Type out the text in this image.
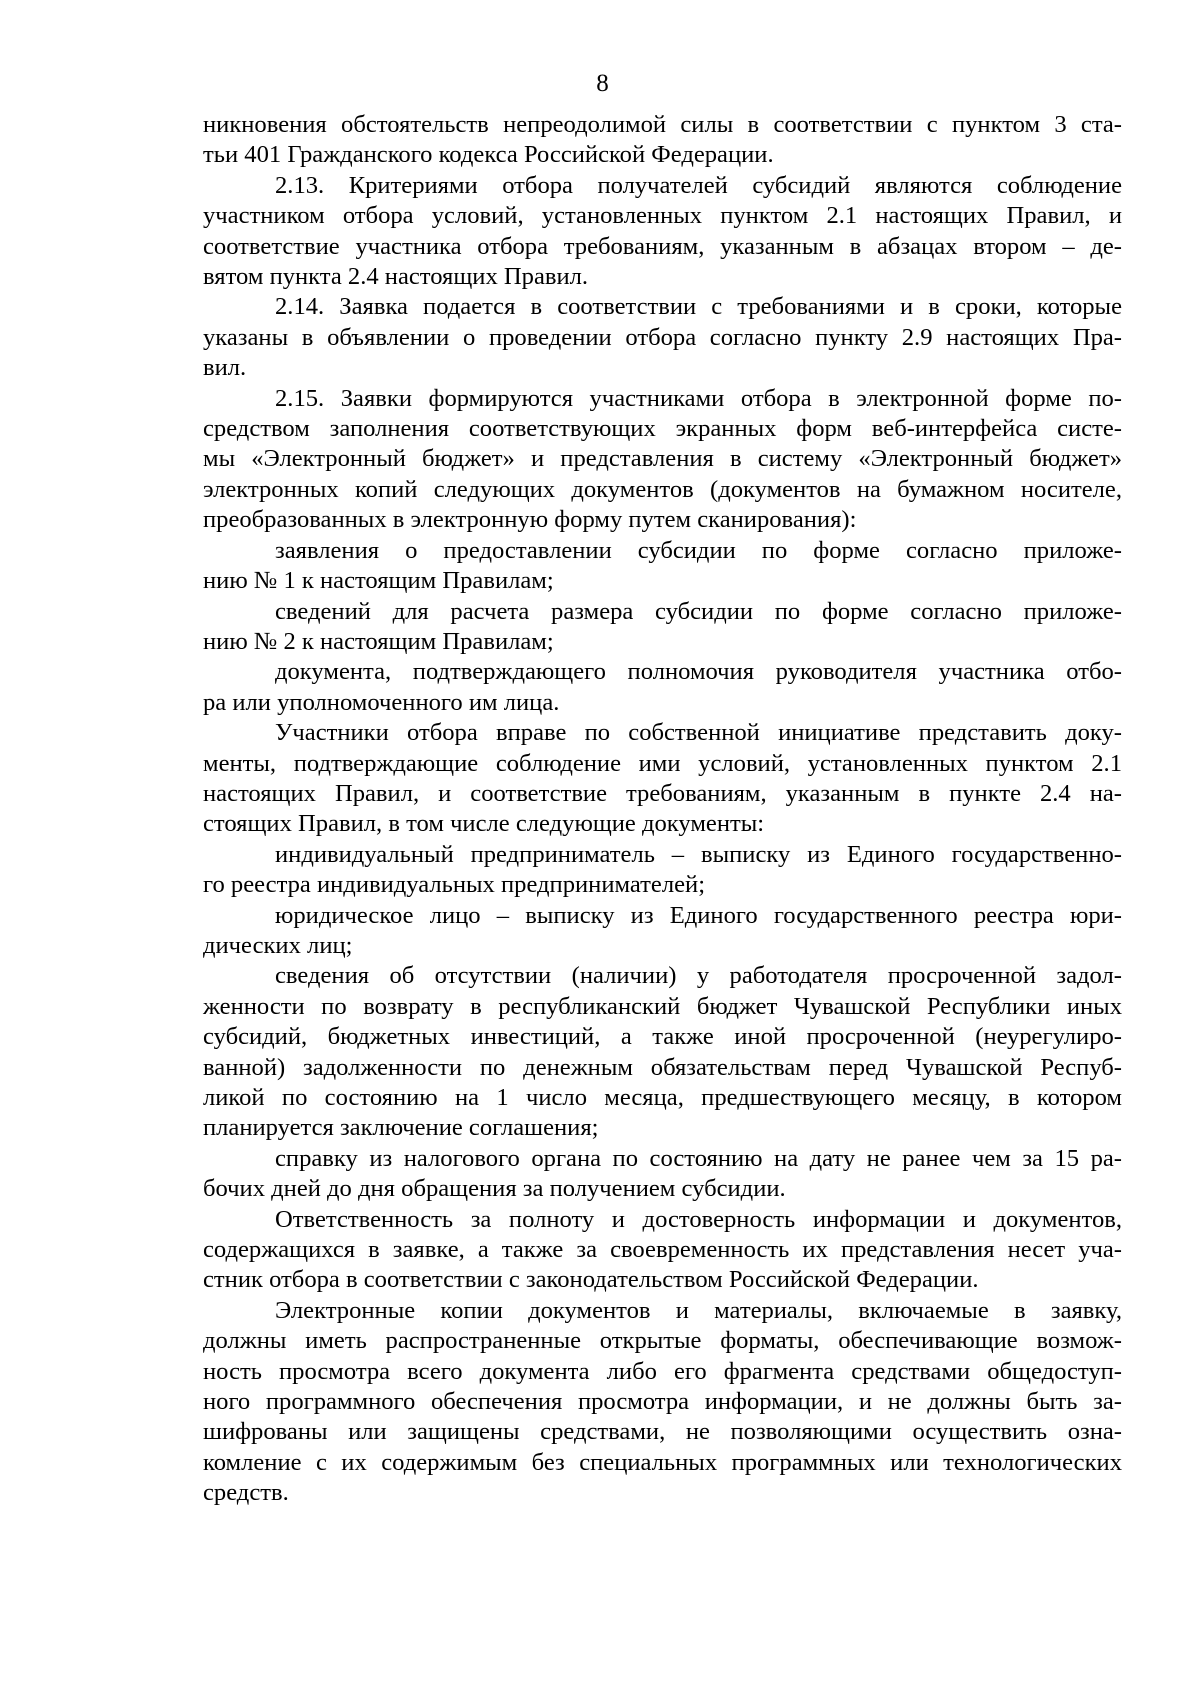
8

никновения обстоятельств непреодолимой силы в соответствии с пунктом 3 ста-
тьи 401 Гражданского кодекса Российской Федерации.

2.13. Критериями отбора получателей субсидий являются соблюдение
участником отбора условий, установленных пунктом 2.1 настоящих Правил, и
соответствие участника отбора требованиям, указанным в абзацах втором – де-
вятом пункта 2.4 настоящих Правил.

2.14. Заявка подается в соответствии с требованиями и в сроки, которые
указаны в объявлении о проведении отбора согласно пункту 2.9 настоящих Пра-
вил.

2.15. Заявки формируются участниками отбора в электронной форме по-
средством заполнения соответствующих экранных форм веб-интерфейса систе-
мы «Электронный бюджет» и представления в систему «Электронный бюджет»
электронных копий следующих документов (документов на бумажном носителе,
преобразованных в электронную форму путем сканирования):

заявления о предоставлении субсидии по форме согласно приложе-
нию № 1 к настоящим Правилам;

сведений для расчета размера субсидии по форме согласно приложе-
нию № 2 к настоящим Правилам;

документа, подтверждающего полномочия руководителя участника отбо-
ра или уполномоченного им лица.

Участники отбора вправе по собственной инициативе представить доку-
менты, подтверждающие соблюдение ими условий, установленных пунктом 2.1
настоящих Правил, и соответствие требованиям, указанным в пункте 2.4 на-
стоящих Правил, в том числе следующие документы:

индивидуальный предприниматель – выписку из Единого государственно-
го реестра индивидуальных предпринимателей;

юридическое лицо – выписку из Единого государственного реестра юри-
дических лиц;

сведения об отсутствии (наличии) у работодателя просроченной задол-
женности по возврату в республиканский бюджет Чувашской Республики иных
субсидий, бюджетных инвестиций, а также иной просроченной (неурегулиро-
ванной) задолженности по денежным обязательствам перед Чувашской Респуб-
ликой по состоянию на 1 число месяца, предшествующего месяцу, в котором
планируется заключение соглашения;

справку из налогового органа по состоянию на дату не ранее чем за 15 ра-
бочих дней до дня обращения за получением субсидии.

Ответственность за полноту и достоверность информации и документов,
содержащихся в заявке, а также за своевременность их представления несет уча-
стник отбора в соответствии с законодательством Российской Федерации.

Электронные копии документов и материалы, включаемые в заявку,
должны иметь распространенные открытые форматы, обеспечивающие возмож-
ность просмотра всего документа либо его фрагмента средствами общедоступ-
ного программного обеспечения просмотра информации, и не должны быть за-
шифрованы или защищены средствами, не позволяющими осуществить озна-
комление с их содержимым без специальных программных или технологических
средств.
